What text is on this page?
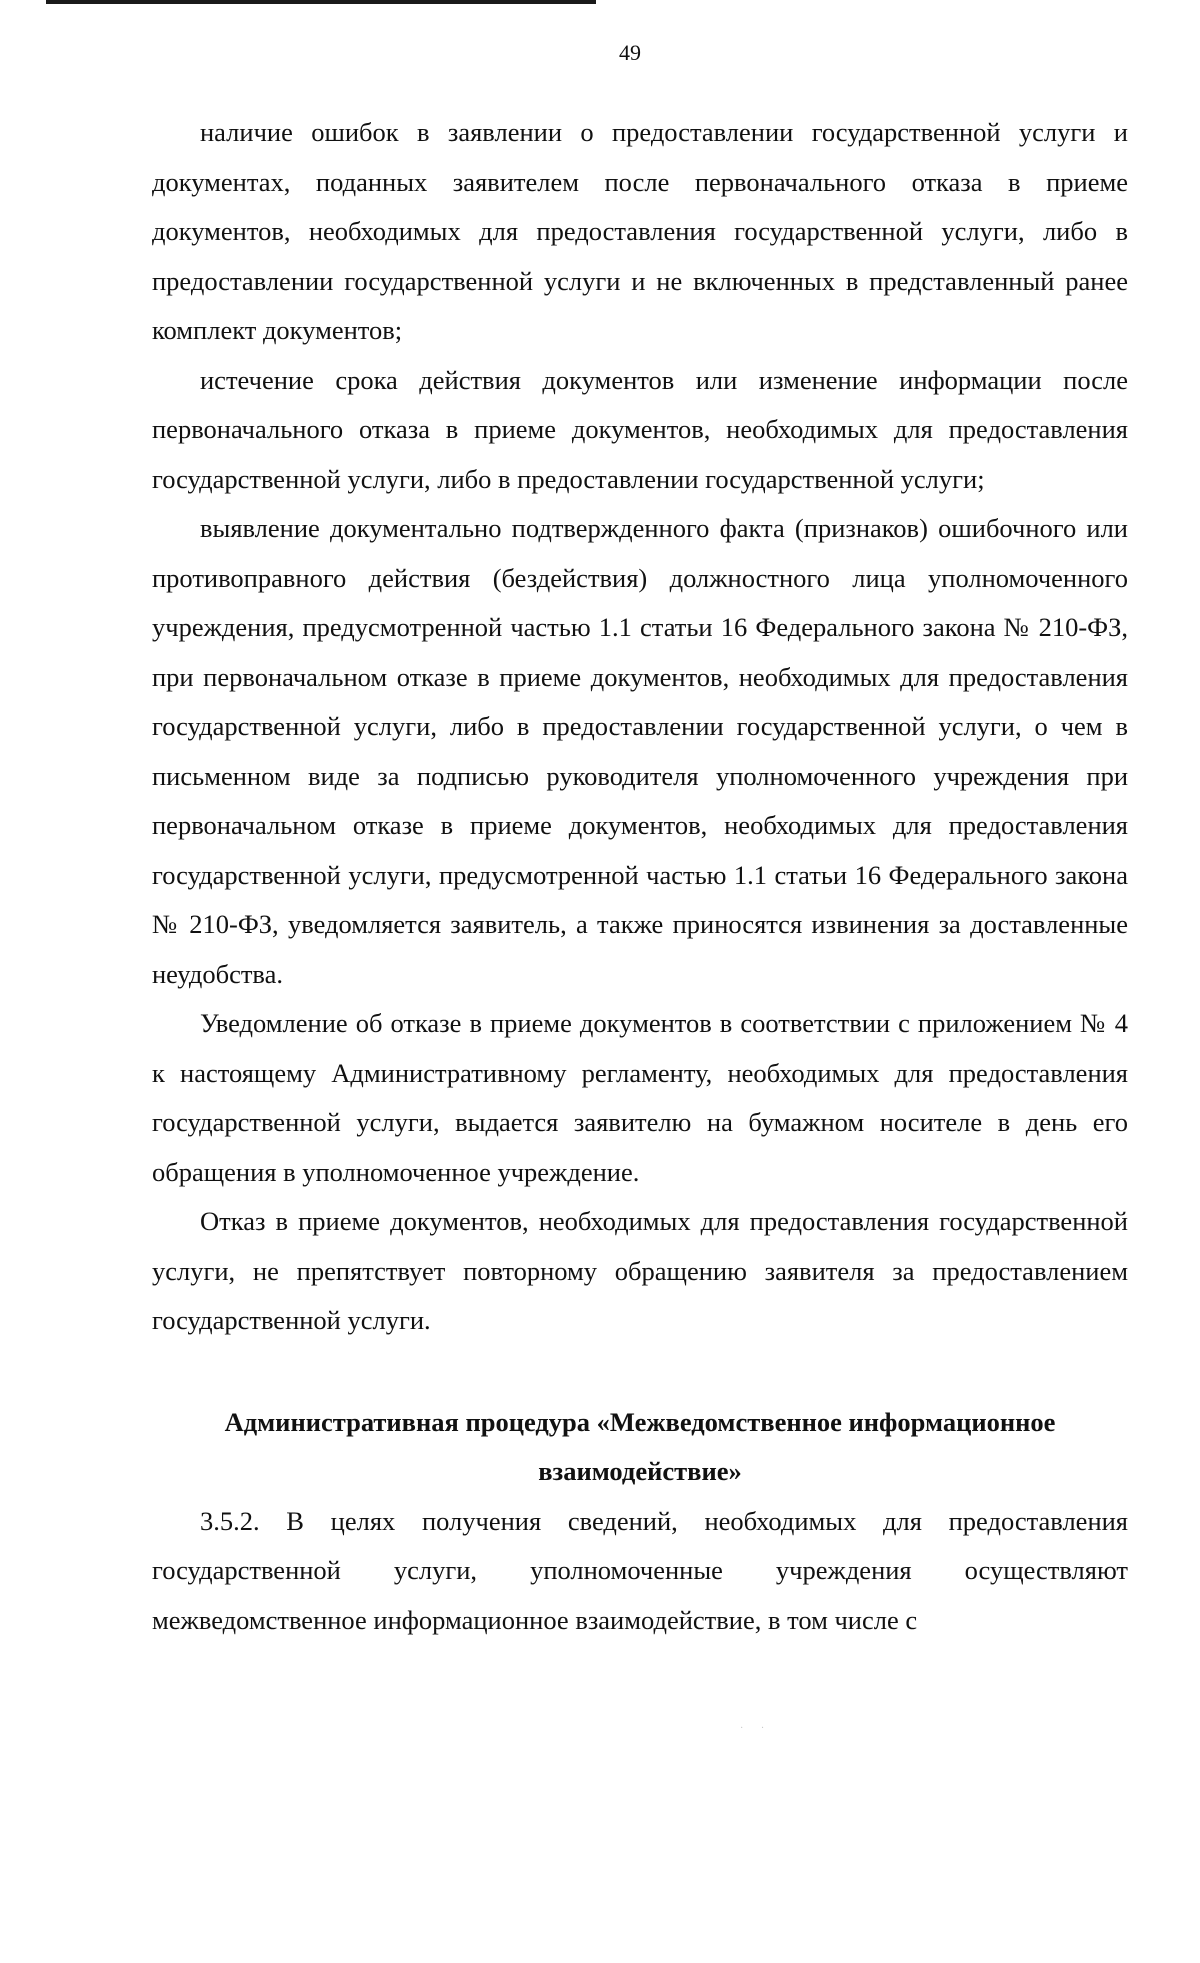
49

наличие ошибок в заявлении о предоставлении государственной услуги и документах, поданных заявителем после первоначального отказа в приеме документов, необходимых для предоставления государственной услуги, либо в предоставлении государственной услуги и не включенных в представленный ранее комплект документов;

истечение срока действия документов или изменение информации после первоначального отказа в приеме документов, необходимых для предоставления государственной услуги, либо в предоставлении государственной услуги;

выявление документально подтвержденного факта (признаков) ошибочного или противоправного действия (бездействия) должностного лица уполномоченного учреждения, предусмотренной частью 1.1 статьи 16 Федерального закона № 210-ФЗ, при первоначальном отказе в приеме документов, необходимых для предоставления государственной услуги, либо в предоставлении государственной услуги, о чем в письменном виде за подписью руководителя уполномоченного учреждения при первоначальном отказе в приеме документов, необходимых для предоставления государственной услуги, предусмотренной частью 1.1 статьи 16 Федерального закона № 210-ФЗ, уведомляется заявитель, а также приносятся извинения за доставленные неудобства.

Уведомление об отказе в приеме документов в соответствии с приложением № 4 к настоящему Административному регламенту, необходимых для предоставления государственной услуги, выдается заявителю на бумажном носителе в день его обращения в уполномоченное учреждение.

Отказ в приеме документов, необходимых для предоставления государственной услуги, не препятствует повторному обращению заявителя за предоставлением государственной услуги.

Административная процедура «Межведомственное информационное взаимодействие»

3.5.2. В целях получения сведений, необходимых для предоставления государственной услуги, уполномоченные учреждения осуществляют межведомственное информационное взаимодействие, в том числе с

·       ·
